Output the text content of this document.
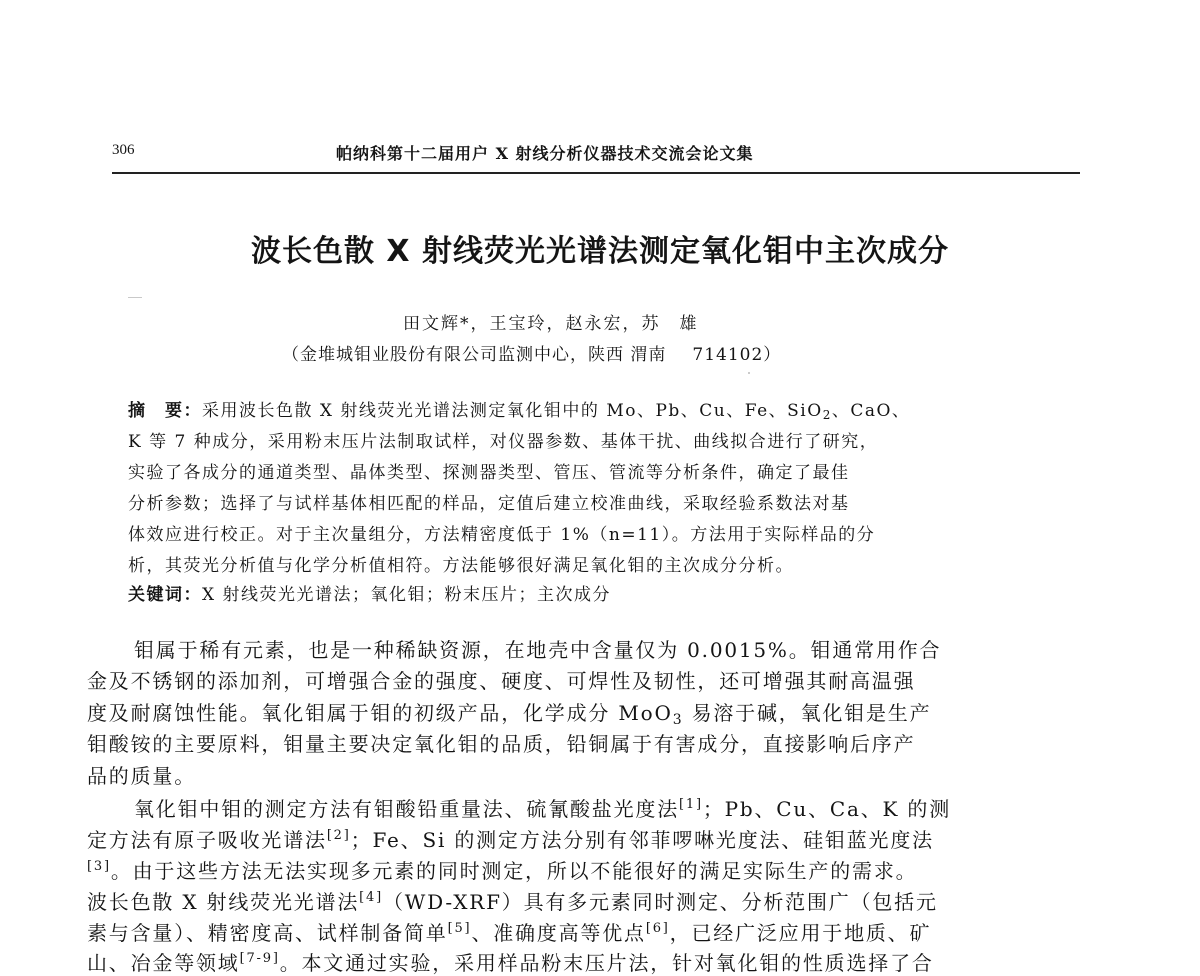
306	帕纳科第十二届用户 X 射线分析仪器技术交流会论文集
波长色散 X 射线荧光光谱法测定氧化钼中主次成分
田文辉*，王宝玲，赵永宏，苏　雄
（金堆城钼业股份有限公司监测中心，陕西 渭南 714102）
摘　要：采用波长色散 X 射线荧光光谱法测定氧化钼中的 Mo、Pb、Cu、Fe、SiO$_2$、CaO、
K 等 7 种成分，采用粉末压片法制取试样，对仪器参数、基体干扰、曲线拟合进行了研究，
实验了各成分的通道类型、晶体类型、探测器类型、管压、管流等分析条件，确定了最佳
分析参数；选择了与试样基体相匹配的样品，定值后建立校准曲线，采取经验系数法对基
体效应进行校正。对于主次量组分，方法精密度低于 1%（n=11）。方法用于实际样品的分
析，其荧光分析值与化学分析值相符。方法能够很好满足氧化钼的主次成分分析。
关键词：X 射线荧光光谱法；氧化钼；粉末压片；主次成分
钼属于稀有元素，也是一种稀缺资源，在地壳中含量仅为 0.0015%。钼通常用作合
金及不锈钢的添加剂，可增强合金的强度、硬度、可焊性及韧性，还可增强其耐高温强
度及耐腐蚀性能。氧化钼属于钼的初级产品，化学成分 MoO$_3$ 易溶于碱，氧化钼是生产
钼酸铵的主要原料，钼量主要决定氧化钼的品质，铅铜属于有害成分，直接影响后序产
品的质量。
氧化钼中钼的测定方法有钼酸铅重量法、硫氰酸盐光度法[1]；Pb、Cu、Ca、K 的测
定方法有原子吸收光谱法[2]；Fe、Si 的测定方法分别有邻菲啰啉光度法、硅钼蓝光度法
[3]。由于这些方法无法实现多元素的同时测定，所以不能很好的满足实际生产的需求。
波长色散 X 射线荧光光谱法[4]（WD-XRF）具有多元素同时测定、分析范围广（包括元
素与含量）、精密度高、试样制备简单[5]、准确度高等优点[6]，已经广泛应用于地质、矿
山、冶金等领域[7-9]。本文通过实验，采用样品粉末压片法，针对氧化钼的性质选择了合
